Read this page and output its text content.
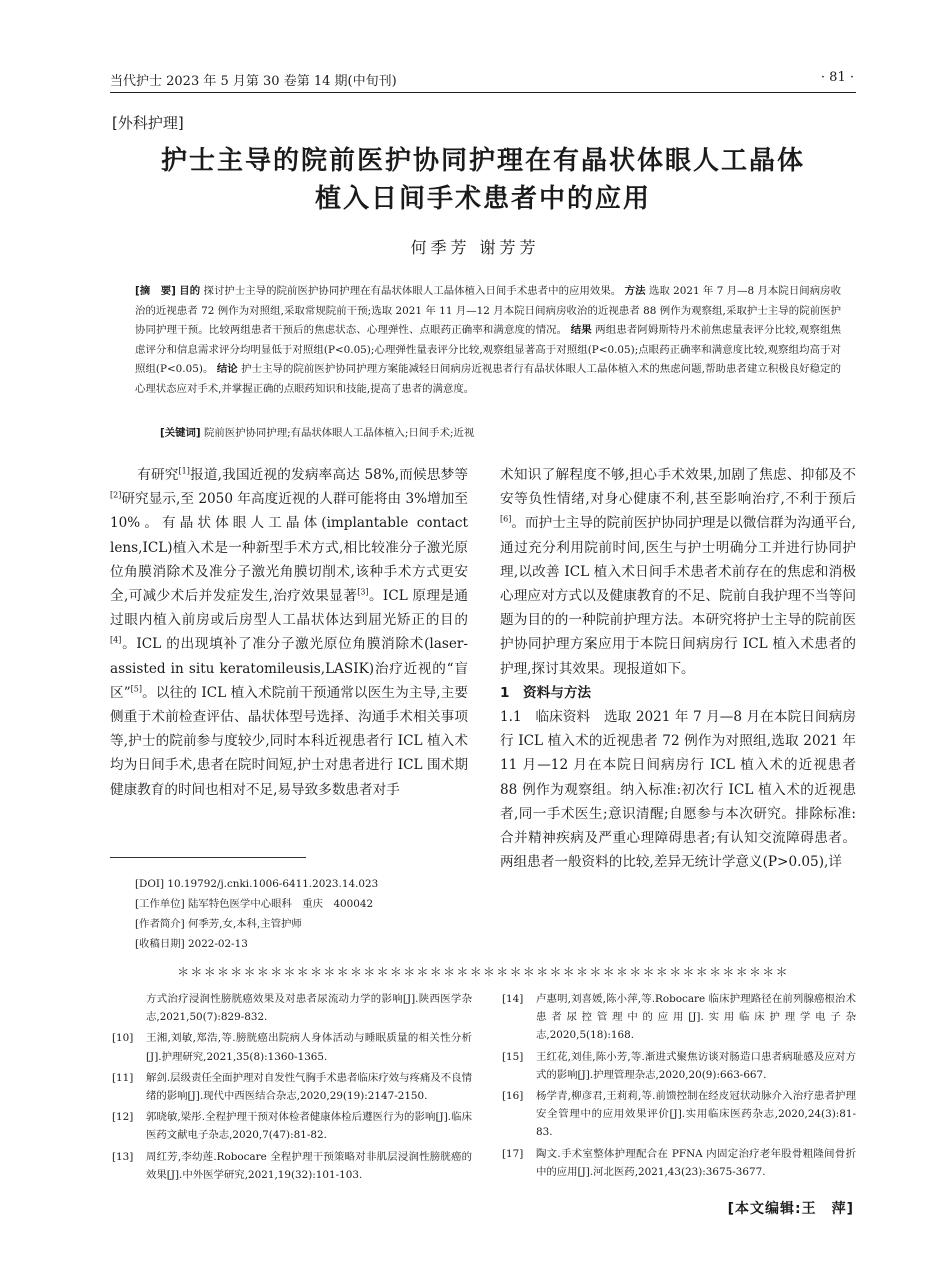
当代护士 2023 年 5 月第 30 卷第 14 期(中旬刊)	· 81 ·
[外科护理]
护士主导的院前医护协同护理在有晶状体眼人工晶体
植入日间手术患者中的应用
何季芳 谢芳芳
[摘　要] 目的 探讨护士主导的院前医护协同护理在有晶状体眼人工晶体植入日间手术患者中的应用效果。 方法 选取 2021 年 7 月—8 月本院日间病房收治的近视患者 72 例作为对照组,采取常规院前干预;选取 2021 年 11 月—12 月本院日间病房收治的近视患者 88 例作为观察组,采取护士主导的院前医护协同护理干预。比较两组患者干预后的焦虑状态、心理弹性、点眼药正确率和满意度的情况。 结果 两组患者阿姆斯特丹术前焦虑量表评分比较,观察组焦虑评分和信息需求评分均明显低于对照组(P<0.05);心理弹性量表评分比较,观察组显著高于对照组(P<0.05);点眼药正确率和满意度比较,观察组均高于对照组(P<0.05)。 结论 护士主导的院前医护协同护理方案能减轻日间病房近视患者行有晶状体眼人工晶体植入术的焦虑问题,帮助患者建立积极良好稳定的心理状态应对手术,并掌握正确的点眼药知识和技能,提高了患者的满意度。
[关键词] 院前医护协同护理;有晶状体眼人工晶体植入;日间手术;近视

有研究[1]报道,我国近视的发病率高达 58%,而候思梦等[2]研究显示,至 2050 年高度近视的人群可能将由 3%增加至 10%。有晶状体眼人工晶体(implantable contact lens,ICL)植入术是一种新型手术方式,相比较准分子激光原位角膜消除术及准分子激光角膜切削术,该种手术方式更安全,可减少术后并发症发生,治疗效果显著[3]。ICL 原理是通过眼内植入前房或后房型人工晶状体达到屈光矫正的目的[4]。ICL 的出现填补了准分子激光原位角膜消除术(laser-assisted in situ keratomileusis,LASIK)治疗近视的“盲区”[5]。以往的 ICL 植入术院前干预通常以医生为主导,主要侧重于术前检查评估、晶状体型号选择、沟通手术相关事项等,护士的院前参与度较少,同时本科近视患者行 ICL 植入术均为日间手术,患者在院时间短,护士对患者进行 ICL 围术期健康教育的时间也相对不足,易导致多数患者对手

术知识了解程度不够,担心手术效果,加剧了焦虑、抑郁及不安等负性情绪,对身心健康不利,甚至影响治疗,不利于预后[6]。而护士主导的院前医护协同护理是以微信群为沟通平台,通过充分利用院前时间,医生与护士明确分工并进行协同护理,以改善 ICL 植入术日间手术患者术前存在的焦虑和消极心理应对方式以及健康教育的不足、院前自我护理不当等问题为目的的一种院前护理方法。本研究将护士主导的院前医护协同护理方案应用于本院日间病房行 ICL 植入术患者的护理,探讨其效果。现报道如下。

1　资料与方法

1.1　临床资料　选取 2021 年 7 月—8 月在本院日间病房行 ICL 植入术的近视患者 72 例作为对照组,选取 2021 年 11 月—12 月在本院日间病房行 ICL 植入术的近视患者 88 例作为观察组。纳入标准:初次行 ICL 植入术的近视患者,同一手术医生;意识清醒;自愿参与本次研究。排除标准:合并精神疾病及严重心理障碍患者;有认知交流障碍患者。两组患者一般资料的比较,差异无统计学意义(P>0.05),详

[DOI] 10.19792/j.cnki.1006-6411.2023.14.023
[工作单位] 陆军特色医学中心眼科　重庆　400042
[作者简介] 何季芳,女,本科,主管护师
[收稿日期] 2022-02-13
＊＊＊＊＊＊＊＊＊＊＊＊＊＊＊＊＊＊＊＊＊＊＊＊＊＊＊＊＊＊＊＊＊＊＊＊＊＊＊＊＊＊＊＊＊＊
方式治疗浸润性膀胱癌效果及对患者尿流动力学的影响[J].陕西医学杂志,2021,50(7):829-832.
[10] 王湘,刘敏,郑浩,等.膀胱癌出院病人身体活动与睡眠质量的相关性分析[J].护理研究,2021,35(8):1360-1365.
[11] 解剑.层级责任全面护理对自发性气胸手术患者临床疗效与疼痛及不良情绪的影响[J].现代中西医结合杂志,2020,29(19):2147-2150.
[12] 郭晓敏,梁彤.全程护理干预对体检者健康体检后遵医行为的影响[J].临床医药文献电子杂志,2020,7(47):81-82.
[13] 周红芳,李幼莲.Robocare 全程护理干预策略对非肌层浸润性膀胱癌的效果[J].中外医学研究,2021,19(32):101-103.
[14] 卢惠明,刘喜媛,陈小萍,等.Robocare 临床护理路径在前列腺癌根治术患者尿控管理中的应用[J].实用临床护理学电子杂志,2020,5(18):168.
[15] 王红花,刘佳,陈小芳,等.渐进式聚焦访谈对肠造口患者病耻感及应对方式的影响[J].护理管理杂志,2020,20(9):663-667.
[16] 杨学青,柳彦君,王莉莉,等.前馈控制在经皮冠状动脉介入治疗患者护理安全管理中的应用效果评价[J].实用临床医药杂志,2020,24(3):81-83.
[17] 陶文.手术室整体护理配合在 PFNA 内固定治疗老年股骨粗隆间骨折中的应用[J].河北医药,2021,43(23):3675-3677.
[本文编辑:王　萍]
